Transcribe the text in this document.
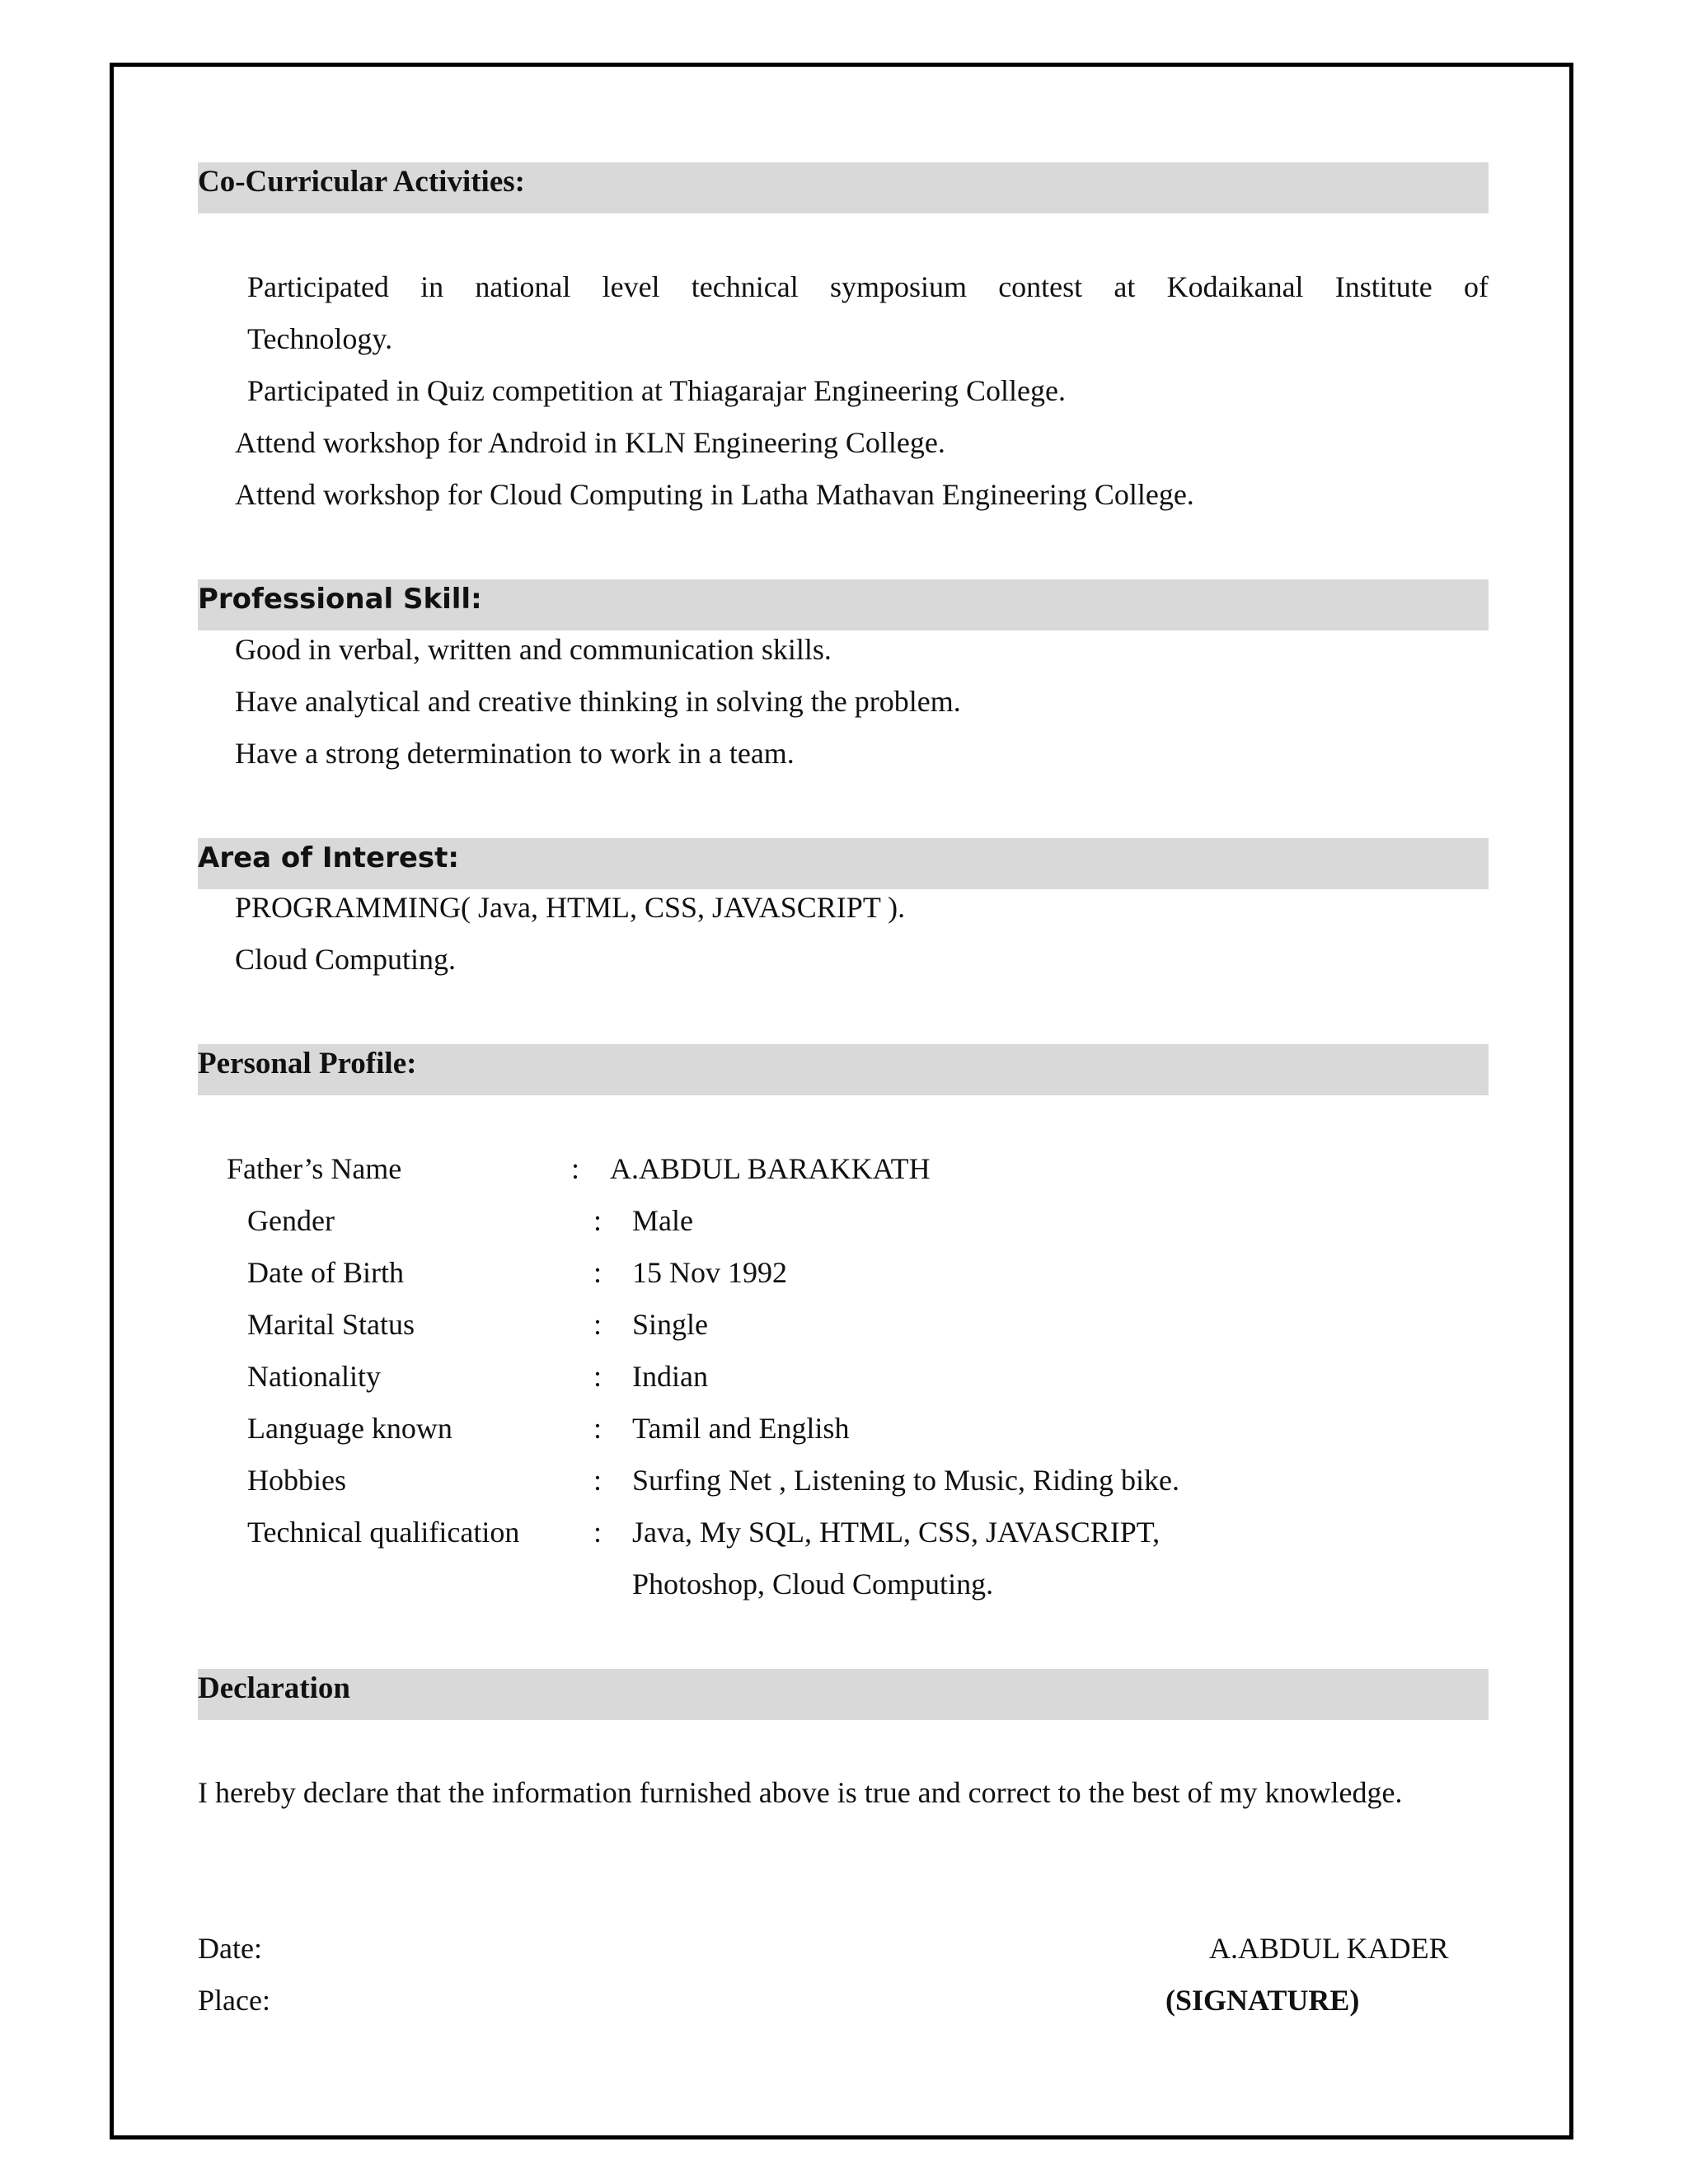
Co-Curricular Activities:
Participated in national level technical symposium contest at Kodaikanal Institute of
Technology.
Participated in Quiz competition at Thiagarajar Engineering College.
Attend workshop for Android in KLN Engineering College.
Attend workshop for Cloud Computing in Latha Mathavan Engineering College.
Professional Skill:
Good in verbal, written and communication skills.
Have analytical and creative thinking in solving the problem.
Have a strong determination to work in a team.
Area of Interest:
PROGRAMMING( Java, HTML, CSS, JAVASCRIPT ).
Cloud Computing.
Personal Profile:
Father’s Name	: A.ABDUL BARAKKATH
Gender	: Male
Date of Birth	: 15 Nov 1992
Marital Status	: Single
Nationality	: Indian
Language known	: Tamil and English
Hobbies	: Surfing Net , Listening to Music, Riding bike.
Technical qualification : Java, My SQL, HTML, CSS, JAVASCRIPT,
Photoshop, Cloud Computing.
Declaration
I hereby declare that the information furnished above is true and correct to the best of my knowledge.
Date:
Place:
A.ABDUL KADER
(SIGNATURE)
